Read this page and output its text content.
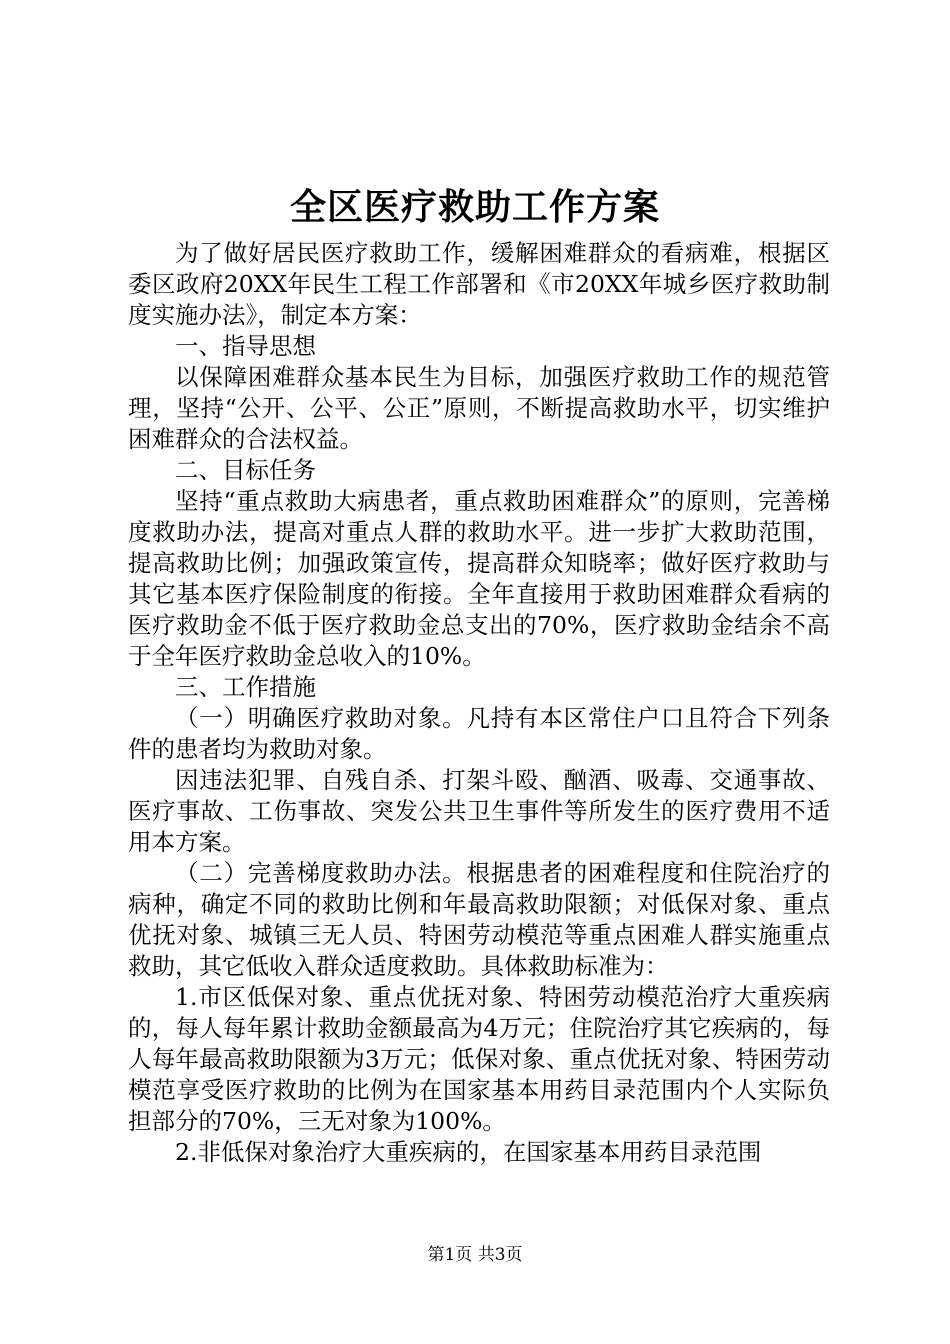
全区医疗救助工作方案

为了做好居民医疗救助工作，缓解困难群众的看病难，根据区委区政府20XX年民生工程工作部署和《市20XX年城乡医疗救助制度实施办法》，制定本方案：

一、指导思想

以保障困难群众基本民生为目标，加强医疗救助工作的规范管理，坚持“公开、公平、公正”原则，不断提高救助水平，切实维护困难群众的合法权益。

二、目标任务

坚持“重点救助大病患者，重点救助困难群众”的原则，完善梯度救助办法，提高对重点人群的救助水平。进一步扩大救助范围，提高救助比例；加强政策宣传，提高群众知晓率；做好医疗救助与其它基本医疗保险制度的衔接。全年直接用于救助困难群众看病的医疗救助金不低于医疗救助金总支出的70%，医疗救助金结余不高于全年医疗救助金总收入的10%。

三、工作措施

（一）明确医疗救助对象。凡持有本区常住户口且符合下列条件的患者均为救助对象。

因违法犯罪、自残自杀、打架斗殴、酗酒、吸毒、交通事故、医疗事故、工伤事故、突发公共卫生事件等所发生的医疗费用不适用本方案。

（二）完善梯度救助办法。根据患者的困难程度和住院治疗的病种，确定不同的救助比例和年最高救助限额；对低保对象、重点优抚对象、城镇三无人员、特困劳动模范等重点困难人群实施重点救助，其它低收入群众适度救助。具体救助标准为：

1.市区低保对象、重点优抚对象、特困劳动模范治疗大重疾病的，每人每年累计救助金额最高为4万元；住院治疗其它疾病的，每人每年最高救助限额为3万元；低保对象、重点优抚对象、特困劳动模范享受医疗救助的比例为在国家基本用药目录范围内个人实际负担部分的70%，三无对象为100%。

2.非低保对象治疗大重疾病的，在国家基本用药目录范围

第1页 共3页
